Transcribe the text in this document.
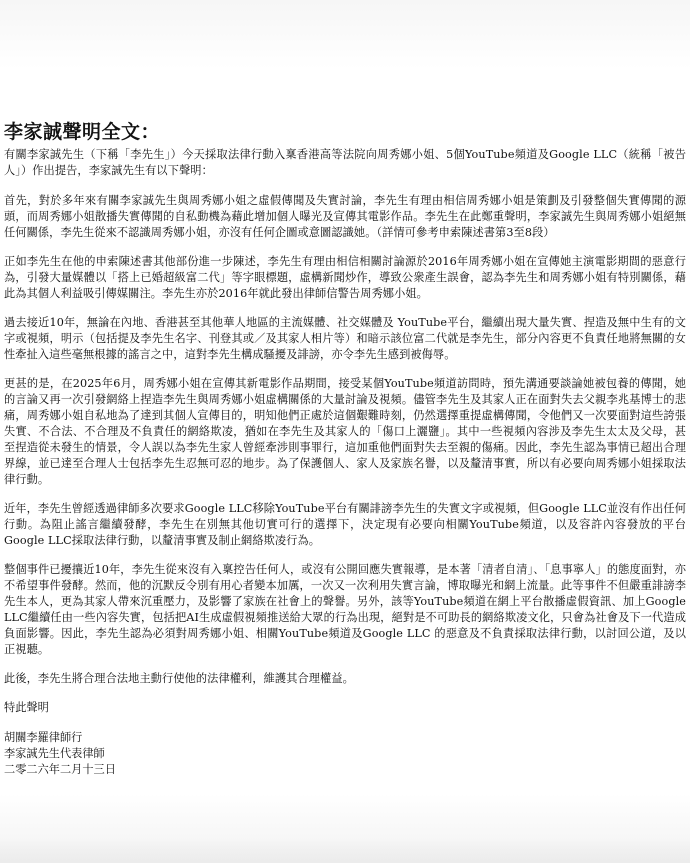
李家誠聲明全文：

有關李家誠先生（下稱「李先生」）今天採取法律行動入稟香港高等法院向周秀娜小姐、5個YouTube頻道及Google LLC（統稱「被告人」）作出提告，李家誠先生有以下聲明：

首先，對於多年來有關李家誠先生與周秀娜小姐之虛假傳聞及失實討論，李先生有理由相信周秀娜小姐是策劃及引發整個失實傳聞的源頭，而周秀娜小姐散播失實傳聞的自私動機為藉此增加個人曝光及宣傳其電影作品。李先生在此鄭重聲明，李家誠先生與周秀娜小姐絕無任何關係，李先生從來不認識周秀娜小姐，亦沒有任何企圖或意圖認識她。（詳情可參考申索陳述書第3至8段）

正如李先生在他的申索陳述書其他部份進一步陳述，李先生有理由相信相關討論源於2016年周秀娜小姐在宣傳她主演電影期間的惡意行為，引發大量媒體以「搭上已婚超級富二代」等字眼標題，虛構新聞炒作，導致公衆產生誤會，認為李先生和周秀娜小姐有特別關係，藉此為其個人利益吸引傳媒關注。李先生亦於2016年就此發出律師信警告周秀娜小姐。

過去接近10年，無論在內地、香港甚至其他華人地區的主流媒體、社交媒體及 YouTube平台，繼續出現大量失實、捏造及無中生有的文字或視頻，明示（包括提及李先生名字、刊登其或／及其家人相片等）和暗示該位富二代就是李先生，部分內容更不負責任地將無關的女性牽扯入這些毫無根據的謠言之中，這對李先生構成騷擾及誹謗，亦令李先生感到被侮辱。

更甚的是，在2025年6月，周秀娜小姐在宣傳其新電影作品期間，接受某個YouTube頻道訪問時，預先溝通要談論她被包養的傳聞，她的言論又再一次引發網絡上捏造李先生與周秀娜小姐虛構關係的大量討論及視頻。儘管李先生及其家人正在面對失去父親李兆基博士的悲痛，周秀娜小姐自私地為了達到其個人宣傳目的，明知他們正處於這個艱難時刻，仍然選擇重提虛構傳聞，令他們又一次要面對這些誇張失實、不合法、不合理及不負責任的網絡欺凌，猶如在李先生及其家人的「傷口上灑鹽」。其中一些視頻內容涉及李先生太太及父母，甚至捏造從未發生的情景，令人誤以為李先生家人曾經牽涉則事罪行，這加重他們面對失去至親的傷痛。因此，李先生認為事情已超出合理界線，並已達至合理人士包括李先生忍無可忍的地步。為了保護個人、家人及家族名譽，以及釐清事實，所以有必要向周秀娜小姐採取法律行動。

近年，李先生曾經透過律師多次要求Google LLC移除YouTube平台有關誹謗李先生的失實文字或視頻，但Google LLC並沒有作出任何行動。為阻止謠言繼續發酵，李先生在別無其他切實可行的選擇下，決定現有必要向相關YouTube頻道，以及容許內容發放的平台Google LLC採取法律行動，以釐清事實及制止網絡欺凌行為。

整個事件已擾攘近10年，李先生從來沒有入稟控告任何人，或沒有公開回應失實報導，是本著「清者自清」、「息事寧人」的態度面對，亦不希望事件發酵。然而，他的沉默反令別有用心者變本加厲，一次又一次利用失實言論，博取曝光和網上流量。此等事件不但嚴重誹謗李先生本人，更為其家人帶來沉重壓力，及影響了家族在社會上的聲譽。另外，該等YouTube頻道在網上平台散播虛假資訊、加上Google LLC繼續任由一些內容失實，包括把AI生成虛假視頻推送給大眾的行為出現，絕對是不可助長的網絡欺凌文化，只會為社會及下一代造成負面影響。因此，李先生認為必須對周秀娜小姐、相關YouTube頻道及Google LLC 的惡意及不負責採取法律行動，以討回公道，及以正視聽。

此後，李先生將合理合法地主動行使他的法律權利，維護其合理權益。

特此聲明

胡關李羅律師行

李家誠先生代表律師

二零二六年二月十三日
